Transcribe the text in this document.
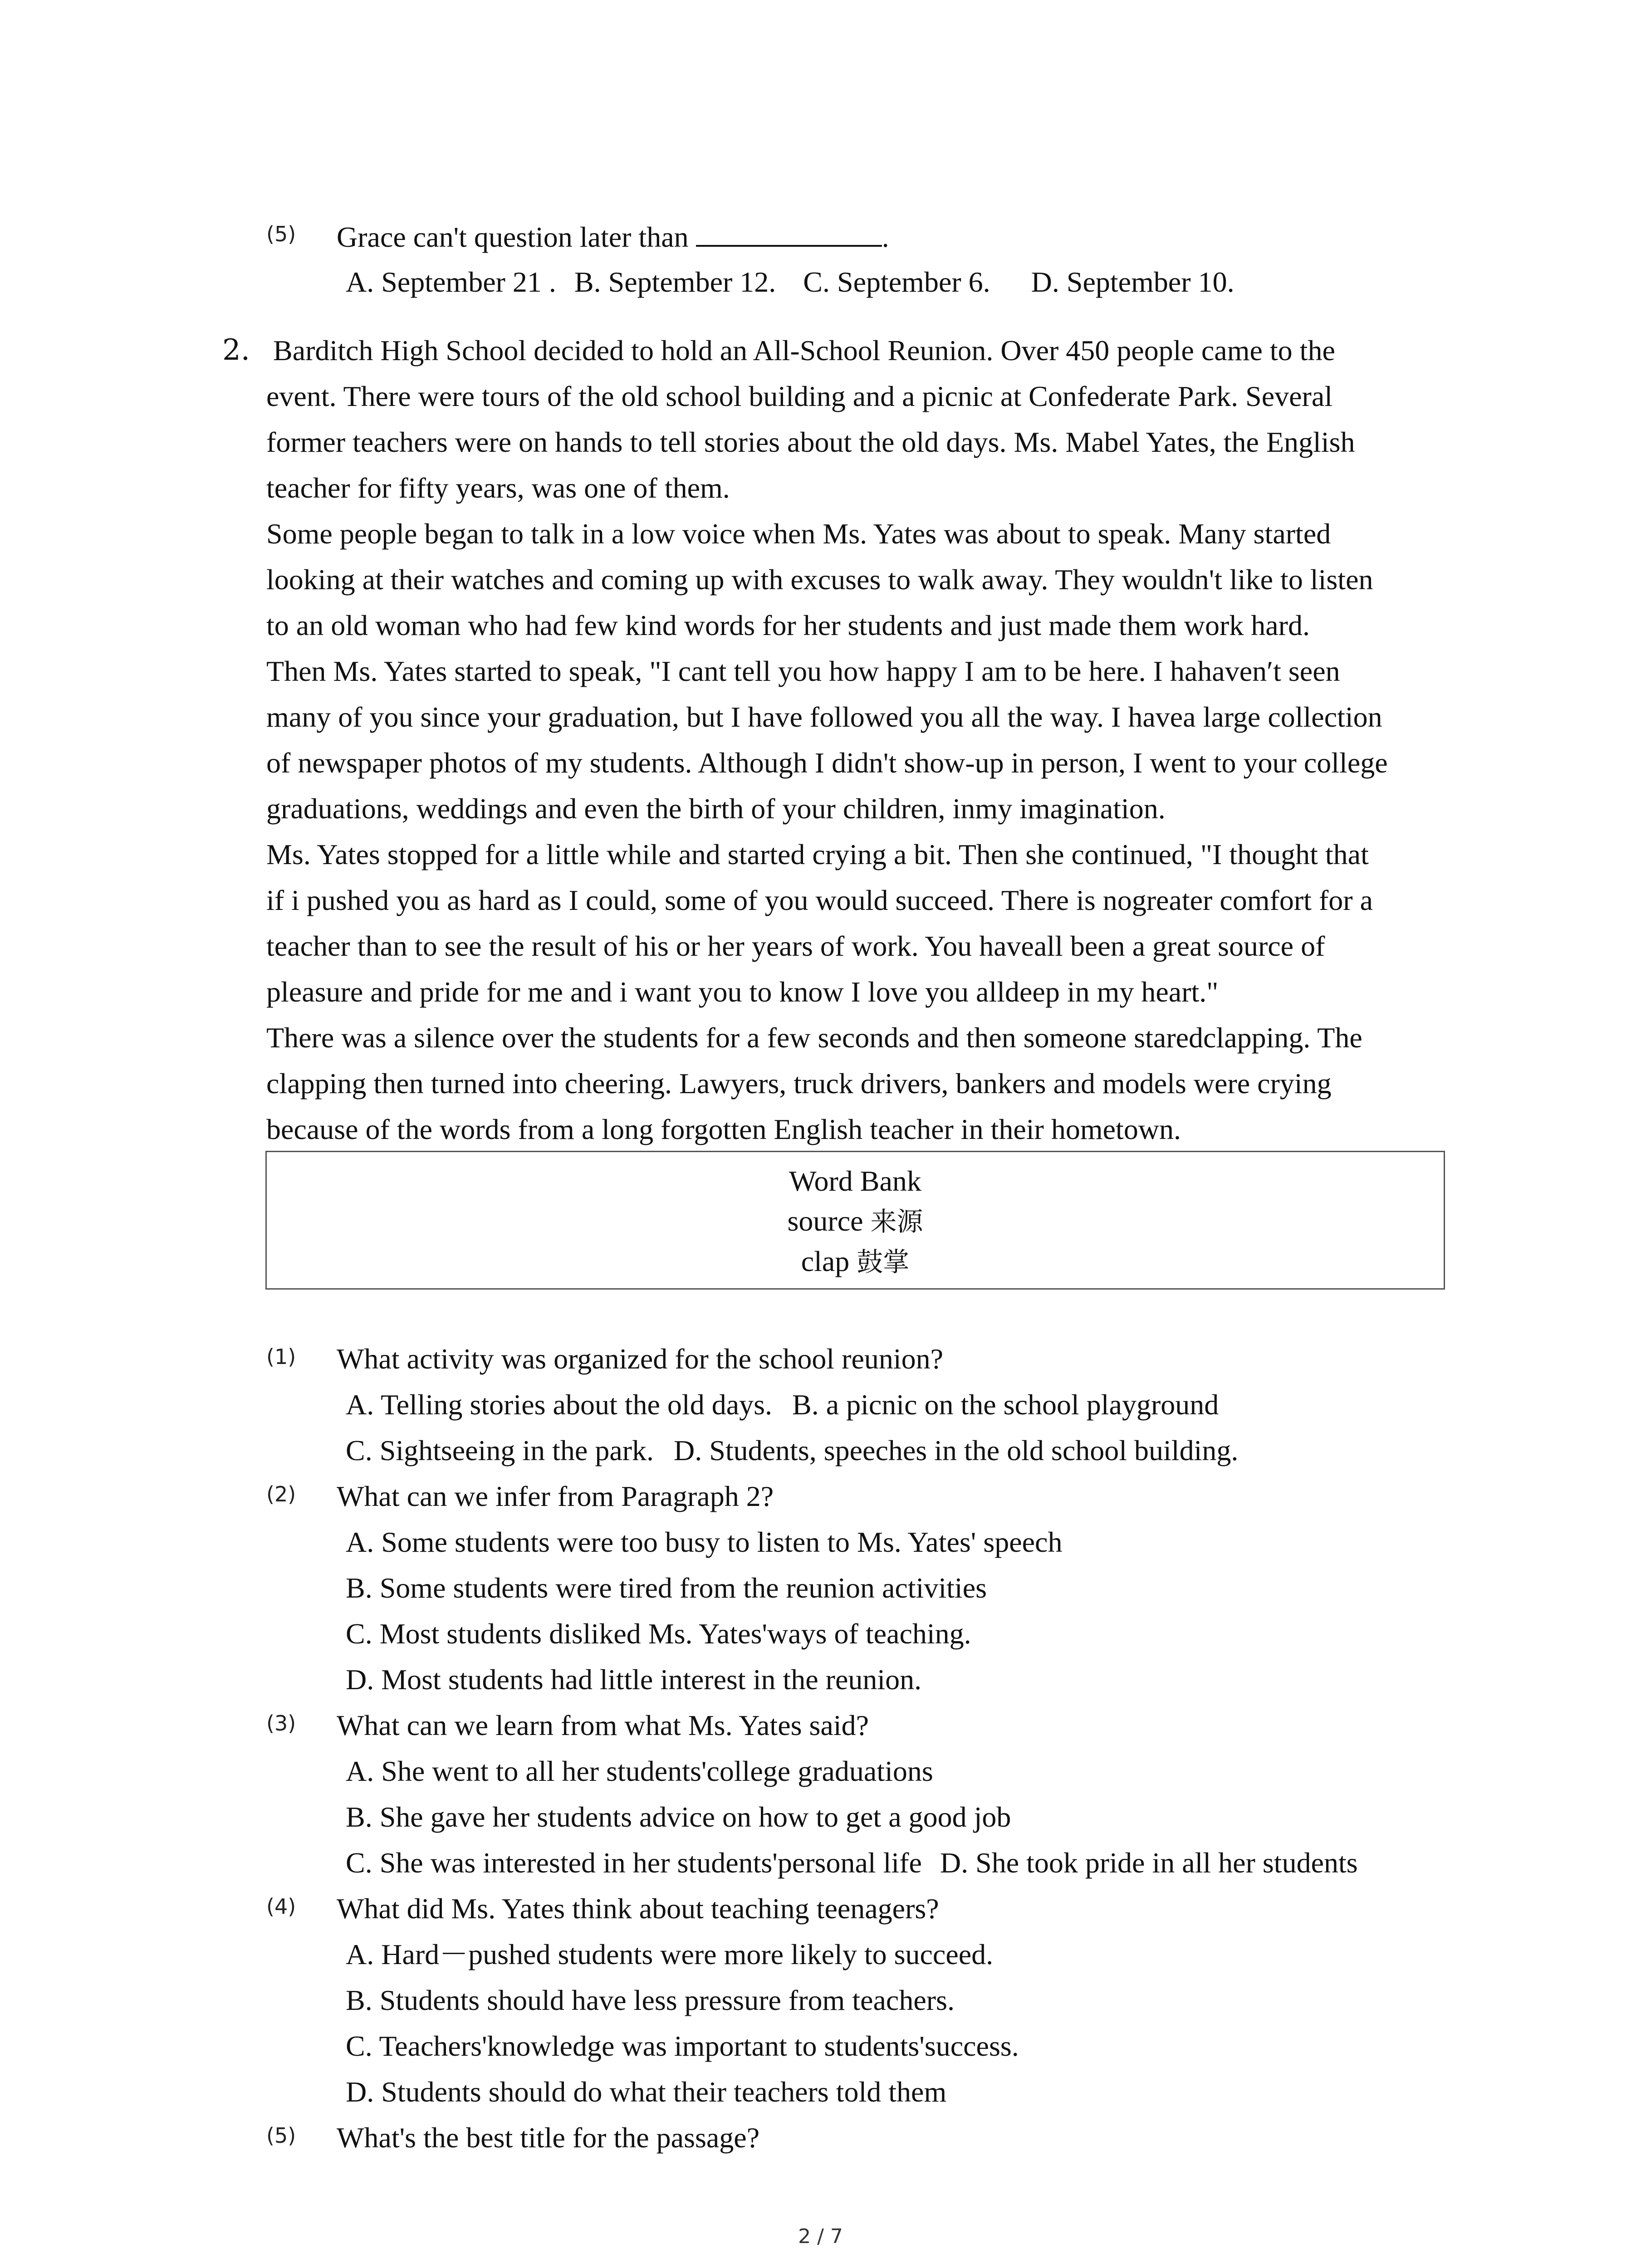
(5)	Grace can't question later than	.
A. September 21 . B. September 12. C. September 6. D. September 10.
2. Barditch High School decided to hold an All-School Reunion. Over 450 people came to the
event. There were tours of the old school building and a picnic at Confederate Park. Several
former teachers were on hands to tell stories about the old days. Ms. Mabel Yates, the English
teacher for fifty years, was one of them.
Some people began to talk in a low voice when Ms. Yates was about to speak. Many started
looking at their watches and coming up with excuses to walk away. They wouldn't like to listen
to an old woman who had few kind words for her students and just made them work hard.
Then Ms. Yates started to speak, "I cant tell you how happy I am to be here. I hahaven′t seen
many of you since your graduation, but I have followed you all the way. I havea large collection
of newspaper photos of my students. Although I didn't show-up in person, I went to your college
graduations, weddings and even the birth of your children, inmy imagination.
Ms. Yates stopped for a little while and started crying a bit. Then she continued, "I thought that
if i pushed you as hard as I could, some of you would succeed. There is nogreater comfort for a
teacher than to see the result of his or her years of work. You haveall been a great source of
pleasure and pride for me and i want you to know I love you alldeep in my heart."
There was a silence over the students for a few seconds and then someone staredclapping. The
clapping then turned into cheering. Lawyers, truck drivers, bankers and models were crying
because of the words from a long forgotten English teacher in their hometown.
Word Bank
source 来源
clap 鼓掌
(1)	What activity was organized for the school reunion?
A. Telling stories about the old days. B. a picnic on the school playground
C. Sightseeing in the park. D. Students, speeches in the old school building.
(2)	What can we infer from Paragraph 2?
A. Some students were too busy to listen to Ms. Yates' speech
B. Some students were tired from the reunion activities
C. Most students disliked Ms. Yates'ways of teaching.
D. Most students had little interest in the reunion.
(3)	What can we learn from what Ms. Yates said?
A. She went to all her students'college graduations
B. She gave her students advice on how to get a good job
C. She was interested in her students'personal life D. She took pride in all her students
(4)	What did Ms. Yates think about teaching teenagers?
A. Hard－pushed students were more likely to succeed.
B. Students should have less pressure from teachers.
C. Teachers'knowledge was important to students'success.
D. Students should do what their teachers told them
(5)	What's the best title for the passage?
2 / 7
